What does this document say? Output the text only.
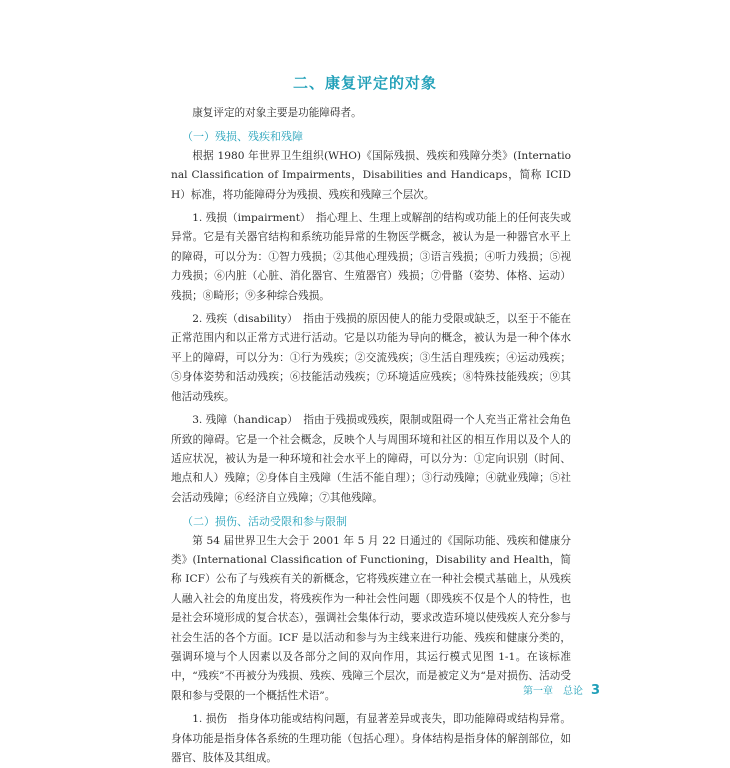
二、康复评定的对象

康复评定的对象主要是功能障碍者。

（一）残损、残疾和残障

根据 1980 年世界卫生组织(WHO)《国际残损、残疾和残障分类》(International Classification of Impairments，Disabilities and Handicaps，简称 ICIDH）标准，将功能障碍分为残损、残疾和残障三个层次。

1. 残损（impairment）　指心理上、生理上或解剖的结构或功能上的任何丧失或异常。它是有关器官结构和系统功能异常的生物医学概念，被认为是一种器官水平上的障碍，可以分为：①智力残损；②其他心理残损；③语言残损；④听力残损；⑤视力残损；⑥内脏（心脏、消化器官、生殖器官）残损；⑦骨骼（姿势、体格、运动）残损；⑧畸形；⑨多种综合残损。

2. 残疾（disability）　指由于残损的原因使人的能力受限或缺乏，以至于不能在正常范围内和以正常方式进行活动。它是以功能为导向的概念，被认为是一种个体水平上的障碍，可以分为：①行为残疾；②交流残疾；③生活自理残疾；④运动残疾；⑤身体姿势和活动残疾；⑥技能活动残疾；⑦环境适应残疾；⑧特殊技能残疾；⑨其他活动残疾。

3. 残障（handicap）　指由于残损或残疾，限制或阻碍一个人充当正常社会角色所致的障碍。它是一个社会概念，反映个人与周围环境和社区的相互作用以及个人的适应状况，被认为是一种环境和社会水平上的障碍，可以分为：①定向识别（时间、地点和人）残障；②身体自主残障（生活不能自理）；③行动残障；④就业残障；⑤社会活动残障；⑥经济自立残障；⑦其他残障。

（二）损伤、活动受限和参与限制

第 54 届世界卫生大会于 2001 年 5 月 22 日通过的《国际功能、残疾和健康分类》(International Classification of Functioning，Disability and Health，简称 ICF）公布了与残疾有关的新概念，它将残疾建立在一种社会模式基础上，从残疾人融入社会的角度出发，将残疾作为一种社会性问题（即残疾不仅是个人的特性，也是社会环境形成的复合状态），强调社会集体行动，要求改造环境以使残疾人充分参与社会生活的各个方面。ICF 是以活动和参与为主线来进行功能、残疾和健康分类的，强调环境与个人因素以及各部分之间的双向作用，其运行模式见图 1-1。在该标准中，“残疾”不再被分为残损、残疾、残障三个层次，而是被定义为“是对损伤、活动受限和参与受限的一个概括性术语”。

1. 损伤　指身体功能或结构问题，有显著差异或丧失，即功能障碍或结构异常。身体功能是指身体各系统的生理功能（包括心理）。身体结构是指身体的解剖部位，如器官、肢体及其组成。

第一章　总论 3
